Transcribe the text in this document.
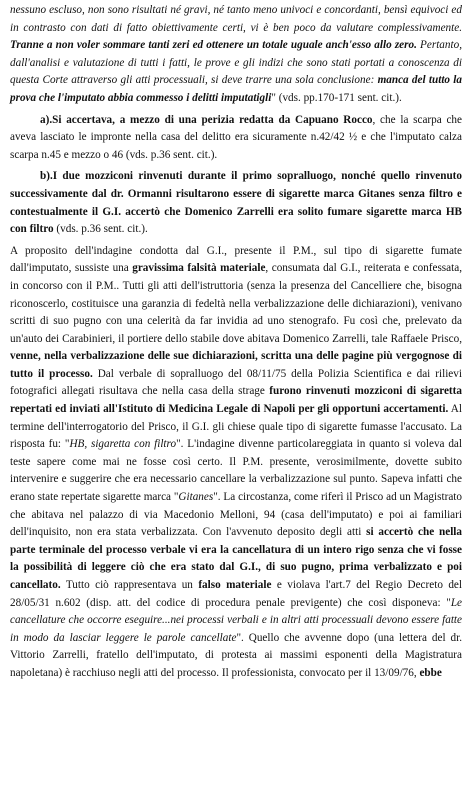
nessuno escluso, non sono risultati né gravi, né tanto meno univoci e concordanti, bensì equivoci ed in contrasto con dati di fatto obiettivamente certi, vi è ben poco da valutare complessivamente. Tranne a non voler sommare tanti zeri ed ottenere un totale uguale anch'esso allo zero. Pertanto, dall'analisi e valutazione di tutti i fatti, le prove e gli indizi che sono stati portati a conoscenza di questa Corte attraverso gli atti processuali, si deve trarre una sola conclusione: manca del tutto la prova che l'imputato abbia commesso i delitti imputatigli" (vds. pp.170-171 sent. cit.).

a).Si accertava, a mezzo di una perizia redatta da Capuano Rocco, che la scarpa che aveva lasciato le impronte nella casa del delitto era sicuramente n.42/42 ½ e che l'imputato calza scarpa n.45 e mezzo o 46 (vds. p.36 sent. cit.).

b).I due mozziconi rinvenuti durante il primo sopralluogo, nonché quello rinvenuto successivamente dal dr. Ormanni risultarono essere di sigarette marca Gitanes senza filtro e contestualmente il G.I. accertò che Domenico Zarrelli era solito fumare sigarette marca HB con filtro (vds. p.36 sent. cit.).

A proposito dell'indagine condotta dal G.I., presente il P.M., sul tipo di sigarette fumate dall'imputato, sussiste una gravissima falsità materiale, consumata dal G.I., reiterata e confessata, in concorso con il P.M.. Tutti gli atti dell'istruttoria (senza la presenza del Cancelliere che, bisogna riconoscerlo, costituisce una garanzia di fedeltà nella verbalizzazione delle dichiarazioni), venivano scritti di suo pugno con una celerità da far invidia ad uno stenografo. Fu così che, prelevato da un'auto dei Carabinieri, il portiere dello stabile dove abitava Domenico Zarrelli, tale Raffaele Prisco, venne, nella verbalizzazione delle sue dichiarazioni, scritta una delle pagine più vergognose di tutto il processo. Dal verbale di sopralluogo del 08/11/75 della Polizia Scientifica e dai rilievi fotografici allegati risultava che nella casa della strage furono rinvenuti mozziconi di sigaretta repertati ed inviati all'Istituto di Medicina Legale di Napoli per gli opportuni accertamenti. Al termine dell'interrogatorio del Prisco, il G.I. gli chiese quale tipo di sigarette fumasse l'accusato. La risposta fu: "HB, sigaretta con filtro". L'indagine divenne particolareggiata in quanto si voleva dal teste sapere come mai ne fosse così certo. Il P.M. presente, verosimilmente, dovette subito intervenire e suggerire che era necessario cancellare la verbalizzazione sul punto. Sapeva infatti che erano state repertate sigarette marca "Gitanes". La circostanza, come riferì il Prisco ad un Magistrato che abitava nel palazzo di via Macedonio Melloni, 94 (casa dell'imputato) e poi ai familiari dell'inquisito, non era stata verbalizzata. Con l'avvenuto deposito degli atti si accertò che nella parte terminale del processo verbale vi era la cancellatura di un intero rigo senza che vi fosse la possibilità di leggere ciò che era stato dal G.I., di suo pugno, prima verbalizzato e poi cancellato. Tutto ciò rappresentava un falso materiale e violava l'art.7 del Regio Decreto del 28/05/31 n.602 (disp. att. del codice di procedura penale previgente) che così disponeva: "Le cancellature che occorre eseguire...nei processi verbali e in altri atti processuali devono essere fatte in modo da lasciar leggere le parole cancellate". Quello che avvenne dopo (una lettera del dr. Vittorio Zarrelli, fratello dell'imputato, di protesta ai massimi esponenti della Magistratura napoletana) è racchiuso negli atti del processo. Il professionista, convocato per il 13/09/76, ebbe
